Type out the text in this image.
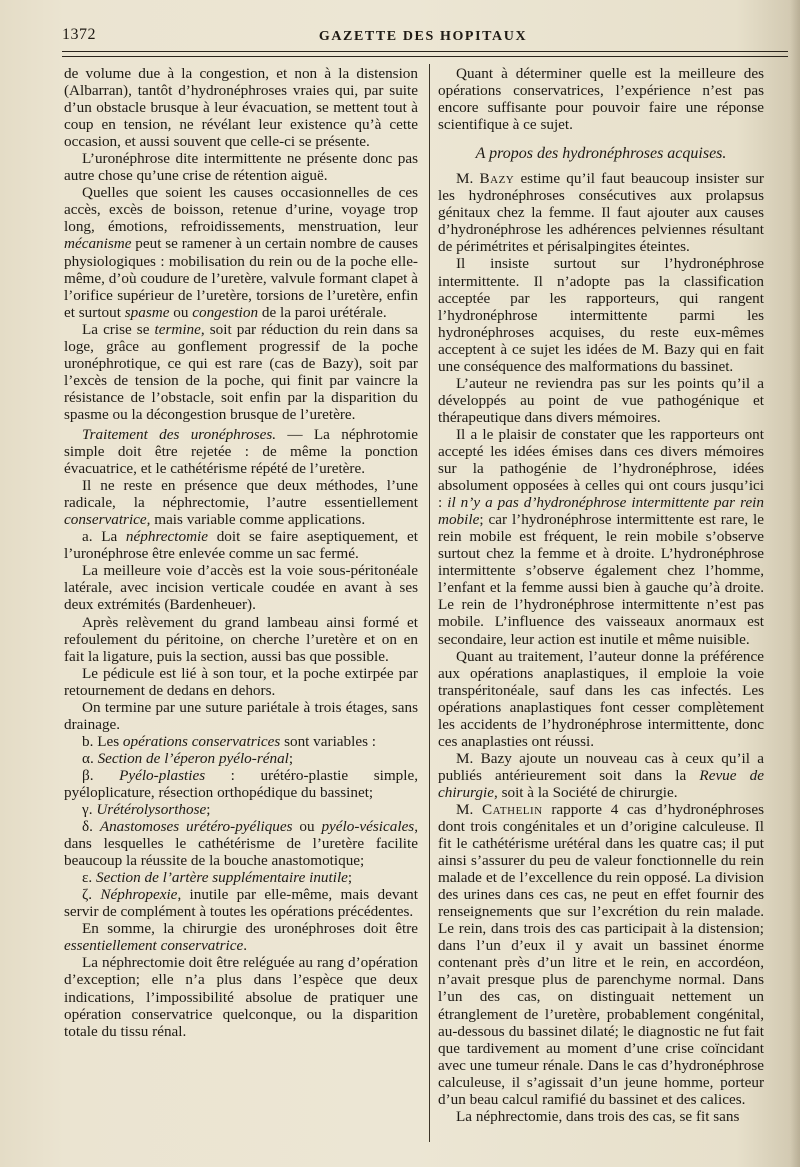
1372	GAZETTE DES HOPITAUX

de volume due à la congestion, et non à la distension (Albarran), tantôt d’hydronéphroses vraies qui, par suite d’un obstacle brusque à leur évacuation, se mettent tout à coup en tension, ne révélant leur existence qu’à cette occasion, et aussi souvent que celle-ci se présente.

L’uronéphrose dite intermittente ne présente donc pas autre chose qu’une crise de rétention aiguë.

Quelles que soient les causes occasionnelles de ces accès, excès de boisson, retenue d’urine, voyage trop long, émotions, refroidissements, menstruation, leur mécanisme peut se ramener à un certain nombre de causes physiologiques : mobilisation du rein ou de la poche elle-même, d’où coudure de l’uretère, valvule formant clapet à l’orifice supérieur de l’uretère, torsions de l’uretère, enfin et surtout spasme ou congestion de la paroi urétérale.

La crise se termine, soit par réduction du rein dans sa loge, grâce au gonflement progressif de la poche uronéphrotique, ce qui est rare (cas de Bazy), soit par l’excès de tension de la poche, qui finit par vaincre la résistance de l’obstacle, soit enfin par la disparition du spasme ou la décongestion brusque de l’uretère.

Traitement des uronéphroses. — La néphrotomie simple doit être rejetée : de même la ponction évacuatrice, et le cathétérisme répété de l’uretère.

Il ne reste en présence que deux méthodes, l’une radicale, la néphrectomie, l’autre essentiellement conservatrice, mais variable comme applications.

a. La néphrectomie doit se faire aseptiquement, et l’uronéphrose être enlevée comme un sac fermé.

La meilleure voie d’accès est la voie sous-péritonéale latérale, avec incision verticale coudée en avant à ses deux extrémités (Bardenheuer).

Après relèvement du grand lambeau ainsi formé et refoulement du péritoine, on cherche l’uretère et on en fait la ligature, puis la section, aussi bas que possible.

Le pédicule est lié à son tour, et la poche extirpée par retournement de dedans en dehors.

On termine par une suture pariétale à trois étages, sans drainage.

b. Les opérations conservatrices sont variables :

α. Section de l’éperon pyélo-rénal;

β. Pyélo-plasties : urétéro-plastie simple, pyéloplicature, résection orthopédique du bassinet;

γ. Urétérolysorthose;

δ. Anastomoses urétéro-pyéliques ou pyélo-vésicales, dans lesquelles le cathétérisme de l’uretère facilite beaucoup la réussite de la bouche anastomotique;

ε. Section de l’artère supplémentaire inutile;

ζ. Néphropexie, inutile par elle-même, mais devant servir de complément à toutes les opérations précédentes.

En somme, la chirurgie des uronéphroses doit être essentiellement conservatrice.

La néphrectomie doit être reléguée au rang d’opération d’exception; elle n’a plus dans l’espèce que deux indications, l’impossibilité absolue de pratiquer une opération conservatrice quelconque, ou la disparition totale du tissu rénal.

Quant à déterminer quelle est la meilleure des opérations conservatrices, l’expérience n’est pas encore suffisante pour pouvoir faire une réponse scientifique à ce sujet.

A propos des hydronéphroses acquises.

M. Bazy estime qu’il faut beaucoup insister sur les hydronéphroses consécutives aux prolapsus génitaux chez la femme. Il faut ajouter aux causes d’hydronéphrose les adhérences pelviennes résultant de périmétrites et périsalpingites éteintes.

Il insiste surtout sur l’hydronéphrose intermittente. Il n’adopte pas la classification acceptée par les rapporteurs, qui rangent l’hydronéphrose intermittente parmi les hydronéphroses acquises, du reste eux-mêmes acceptent à ce sujet les idées de M. Bazy qui en fait une conséquence des malformations du bassinet.

L’auteur ne reviendra pas sur les points qu’il a développés au point de vue pathogénique et thérapeutique dans divers mémoires.

Il a le plaisir de constater que les rapporteurs ont accepté les idées émises dans ces divers mémoires sur la pathogénie de l’hydronéphrose, idées absolument opposées à celles qui ont cours jusqu’ici : il n’y a pas d’hydronéphrose intermittente par rein mobile; car l’hydronéphrose intermittente est rare, le rein mobile est fréquent, le rein mobile s’observe surtout chez la femme et à droite. L’hydronéphrose intermittente s’observe également chez l’homme, l’enfant et la femme aussi bien à gauche qu’à droite. Le rein de l’hydronéphrose intermittente n’est pas mobile. L’influence des vaisseaux anormaux est secondaire, leur action est inutile et même nuisible.

Quant au traitement, l’auteur donne la préférence aux opérations anaplastiques, il emploie la voie transpéritonéale, sauf dans les cas infectés. Les opérations anaplastiques font cesser complètement les accidents de l’hydronéphrose intermittente, donc ces anaplasties ont réussi.

M. Bazy ajoute un nouveau cas à ceux qu’il a publiés antérieurement soit dans la Revue de chirurgie, soit à la Société de chirurgie.

M. Cathelin rapporte 4 cas d’hydronéphroses dont trois congénitales et un d’origine calculeuse. Il fit le cathétérisme urétéral dans les quatre cas; il put ainsi s’assurer du peu de valeur fonctionnelle du rein malade et de l’excellence du rein opposé. La division des urines dans ces cas, ne peut en effet fournir des renseignements que sur l’excrétion du rein malade. Le rein, dans trois des cas participait à la distension; dans l’un d’eux il y avait un bassinet énorme contenant près d’un litre et le rein, en accordéon, n’avait presque plus de parenchyme normal. Dans l’un des cas, on distinguait nettement un étranglement de l’uretère, probablement congénital, au-dessous du bassinet dilaté; le diagnostic ne fut fait que tardivement au moment d’une crise coïncidant avec une tumeur rénale. Dans le cas d’hydronéphrose calculeuse, il s’agissait d’un jeune homme, porteur d’un beau calcul ramifié du bassinet et des calices.

La néphrectomie, dans trois des cas, se fit sans
